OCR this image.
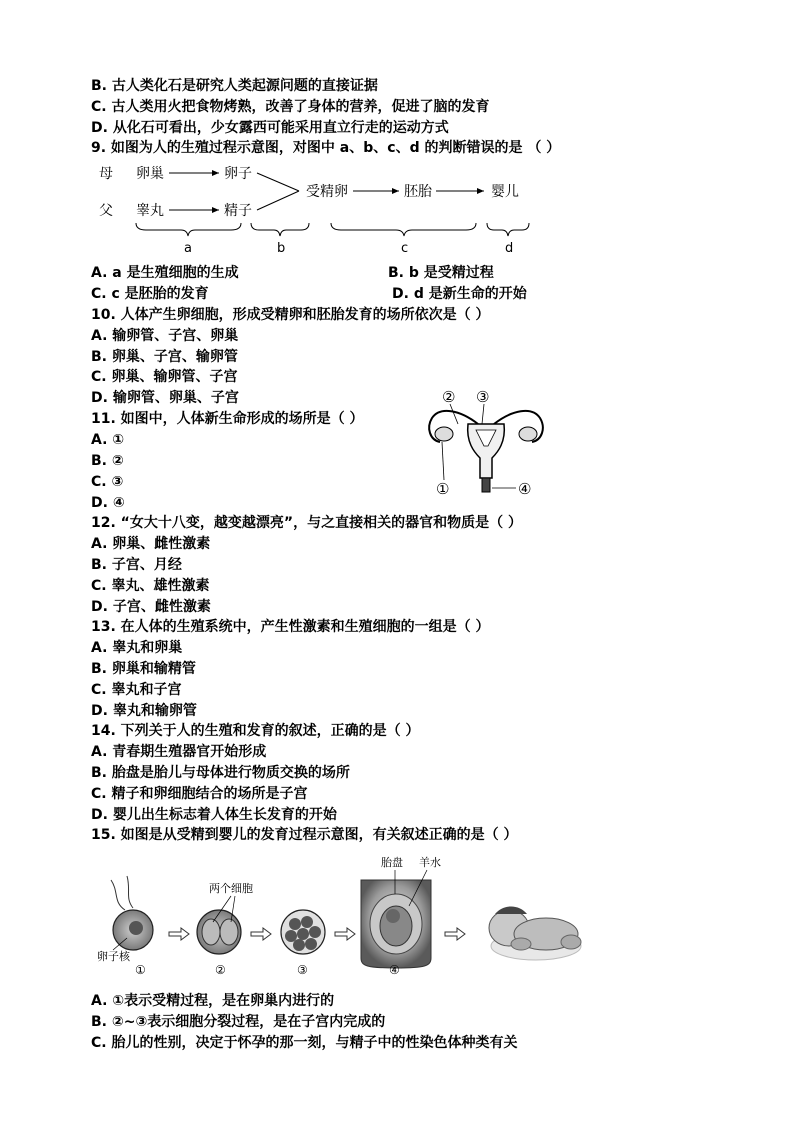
B. 古人类化石是研究人类起源问题的直接证据
C. 古人类用火把食物烤熟，改善了身体的营养，促进了脑的发育
D. 从化石可看出，少女露西可能采用直立行走的运动方式
9. 如图为人的生殖过程示意图，对图中 a、b、c、d 的判断错误的是 （ ）
母
父
卵巢
睾丸
卵子
精子
受精卵	胚胎	婴儿
a	b	c	d
A. a 是生殖细胞的生成	B. b 是受精过程
C. c 是胚胎的发育	D. d 是新生命的开始
10. 人体产生卵细胞，形成受精卵和胚胎发育的场所依次是（ ）
A. 输卵管、子宫、卵巢
B. 卵巢、子宫、输卵管
C. 卵巢、输卵管、子宫
D. 输卵管、卵巢、子宫
11. 如图中，人体新生命形成的场所是（ ）
A. ①
B. ②
C. ③
D. ④
② ③
①	④
12. “女大十八变，越变越漂亮”，与之直接相关的器官和物质是（ ）
A. 卵巢、雌性激素
B. 子宫、月经
C. 睾丸、雄性激素
D. 子宫、雌性激素
13. 在人体的生殖系统中，产生性激素和生殖细胞的一组是（ ）
A. 睾丸和卵巢
B. 卵巢和输精管
C. 睾丸和子宫
D. 睾丸和输卵管
14. 下列关于人的生殖和发育的叙述，正确的是（ ）
A. 青春期生殖器官开始形成
B. 胎盘是胎儿与母体进行物质交换的场所
C. 精子和卵细胞结合的场所是子宫
D. 婴儿出生标志着人体生长发育的开始
15. 如图是从受精到婴儿的发育过程示意图，有关叙述正确的是（ ）
卵子核
①
两个细胞
②	③
胎盘 羊水
④
A. ①表示受精过程，是在卵巢内进行的
B. ②~③表示细胞分裂过程，是在子宫内完成的
C. 胎儿的性别，决定于怀孕的那一刻，与精子中的性染色体种类有关
